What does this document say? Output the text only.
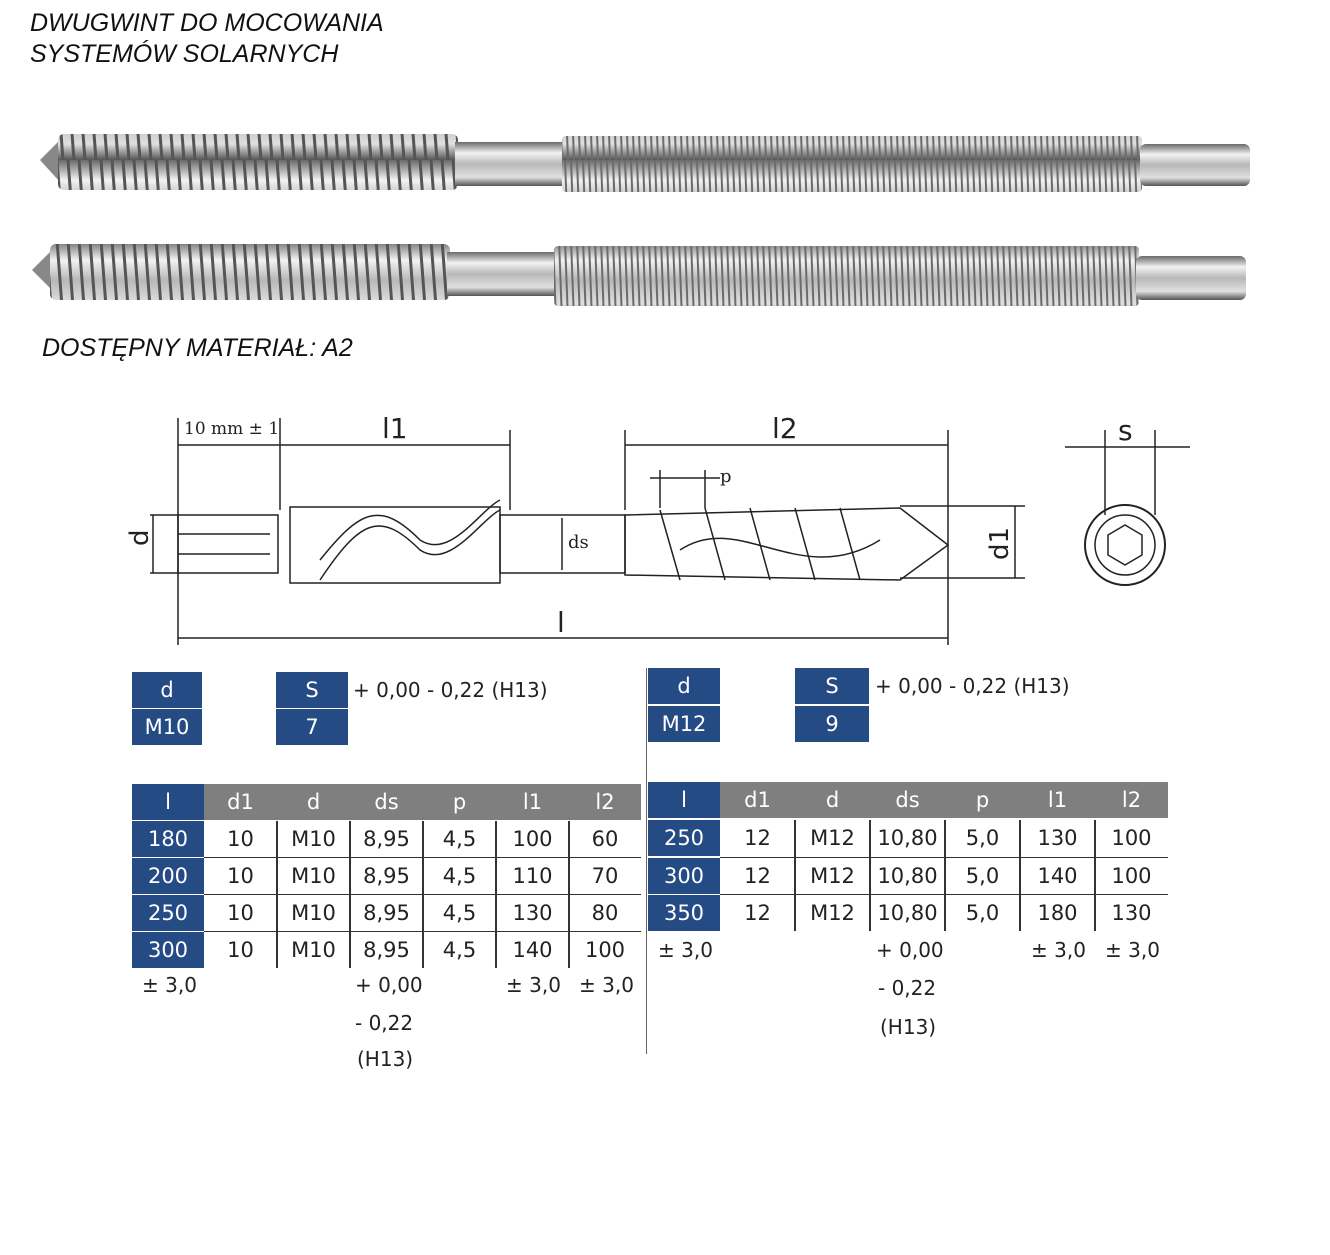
DWUGWINT DO MOCOWANIA
SYSTEMÓW SOLARNYCH
DOSTĘPNY MATERIAŁ: A2
10 mm ± 1	l1	l2
l
p
ds	d1
d
s
d
M10
S
7
+ 0,00 - 0,22 (H13)
l	d1	d	ds	p	l1	l2
180	10	M10	8,95	4,5	100	60
200	10	M10	8,95	4,5	110	70
250	10	M10	8,95	4,5	130	80
300	10	M10	8,95	4,5	140	100
± 3,0	+ 0,00
- 0,22
(H13)
± 3,0 ± 3,0
d
M12
S
9
+ 0,00 - 0,22 (H13)
l	d1	d	ds	p	l1	l2
250	12	M12	10,80	5,0	130	100
300	12	M12	10,80	5,0	140	100
350	12	M12	10,80	5,0	180	130
± 3,0	+ 0,00
- 0,22
(H13)
± 3,0 ± 3,0
